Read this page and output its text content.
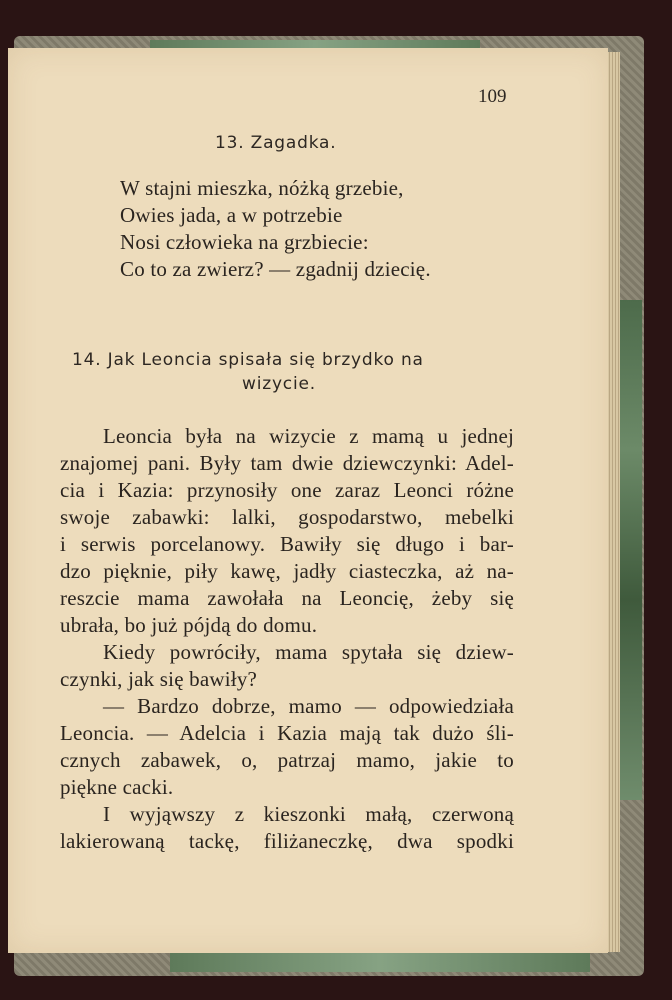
109
13. Zagadka.
W stajni mieszka, nóżką grzebie,
Owies jada, a w potrzebie
Nosi człowieka na grzbiecie:
Co to za zwierz? — zgadnij dziecię.
14. Jak Leoncia spisała się brzydko na
wizycie.
Leoncia była na wizycie z mamą u jednej
znajomej pani. Były tam dwie dziewczynki: Adel-
cia i Kazia: przynosiły one zaraz Leonci różne
swoje zabawki: lalki, gospodarstwo, mebelki
i serwis porcelanowy. Bawiły się długo i bar-
dzo pięknie, piły kawę, jadły ciasteczka, aż na-
reszcie mama zawołała na Leoncię, żeby się
ubrała, bo już pójdą do domu.
Kiedy powróciły, mama spytała się dziew-
czynki, jak się bawiły?
— Bardzo dobrze, mamo — odpowiedziała
Leoncia. — Adelcia i Kazia mają tak dużo śli-
cznych zabawek, o, patrzaj mamo, jakie to
piękne cacki.
I wyjąwszy z kieszonki małą, czerwoną
lakierowaną tackę, filiżaneczkę, dwa spodki
